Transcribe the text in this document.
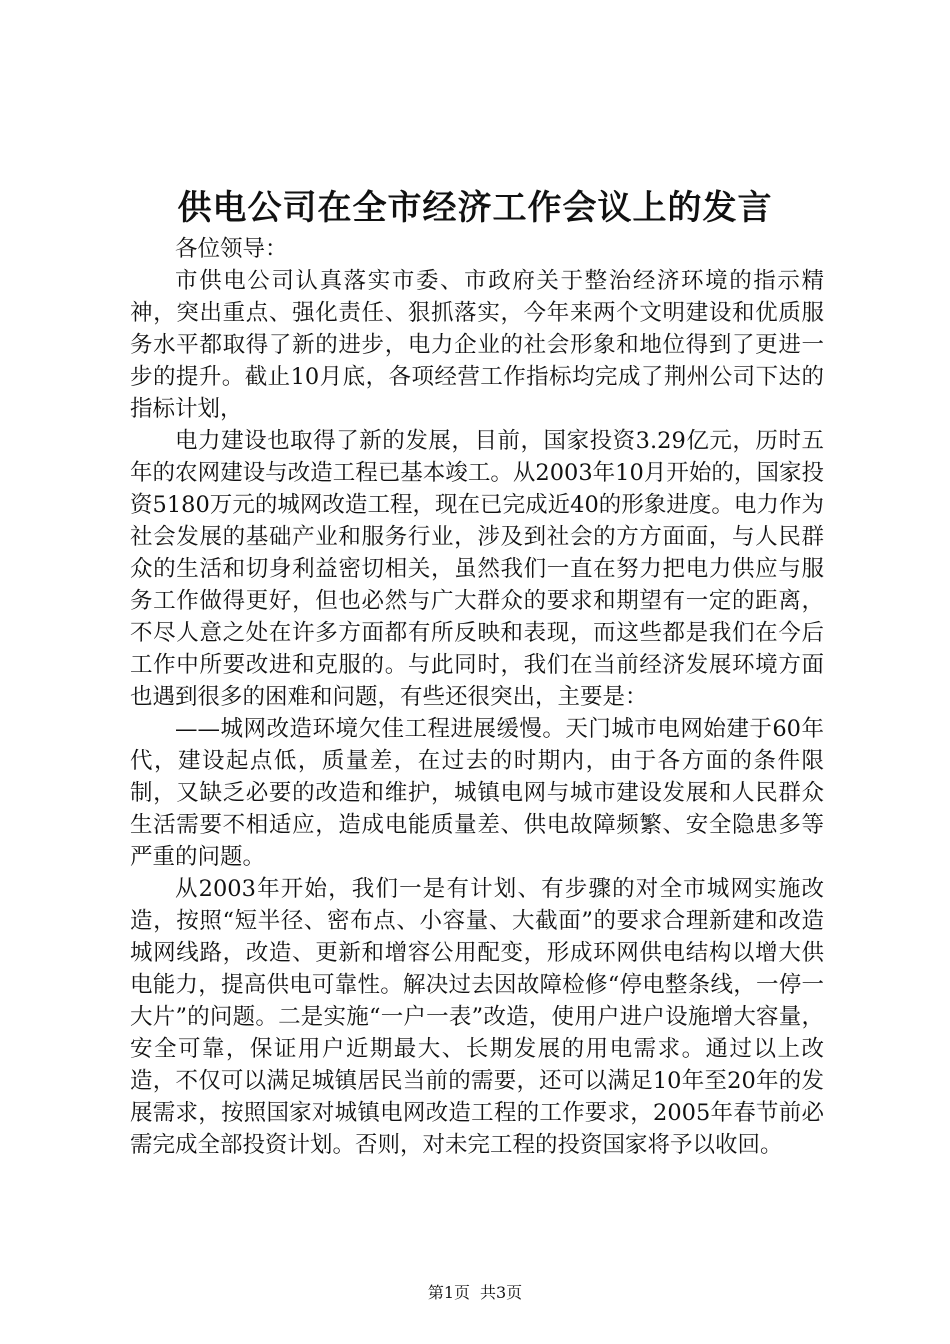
供电公司在全市经济工作会议上的发言

各位领导：

市供电公司认真落实市委、市政府关于整治经济环境的指示精神，突出重点、强化责任、狠抓落实，今年来两个文明建设和优质服务水平都取得了新的进步，电力企业的社会形象和地位得到了更进一步的提升。截止10月底，各项经营工作指标均完成了荆州公司下达的指标计划，

电力建设也取得了新的发展，目前，国家投资3.29亿元，历时五年的农网建设与改造工程已基本竣工。从2003年10月开始的，国家投资5180万元的城网改造工程，现在已完成近40的形象进度。电力作为社会发展的基础产业和服务行业，涉及到社会的方方面面，与人民群众的生活和切身利益密切相关，虽然我们一直在努力把电力供应与服务工作做得更好，但也必然与广大群众的要求和期望有一定的距离，不尽人意之处在许多方面都有所反映和表现，而这些都是我们在今后工作中所要改进和克服的。与此同时，我们在当前经济发展环境方面也遇到很多的困难和问题，有些还很突出，主要是：

——城网改造环境欠佳工程进展缓慢。天门城市电网始建于60年代，建设起点低，质量差，在过去的时期内，由于各方面的条件限制，又缺乏必要的改造和维护，城镇电网与城市建设发展和人民群众生活需要不相适应，造成电能质量差、供电故障频繁、安全隐患多等严重的问题。

从2003年开始，我们一是有计划、有步骤的对全市城网实施改造，按照“短半径、密布点、小容量、大截面”的要求合理新建和改造城网线路，改造、更新和增容公用配变，形成环网供电结构以增大供电能力，提高供电可靠性。解决过去因故障检修“停电整条线，一停一大片”的问题。二是实施“一户一表”改造，使用户进户设施增大容量，安全可靠，保证用户近期最大、长期发展的用电需求。通过以上改造，不仅可以满足城镇居民当前的需要，还可以满足10年至20年的发展需求，按照国家对城镇电网改造工程的工作要求，2005年春节前必需完成全部投资计划。否则，对未完工程的投资国家将予以收回。

第1页 共3页
